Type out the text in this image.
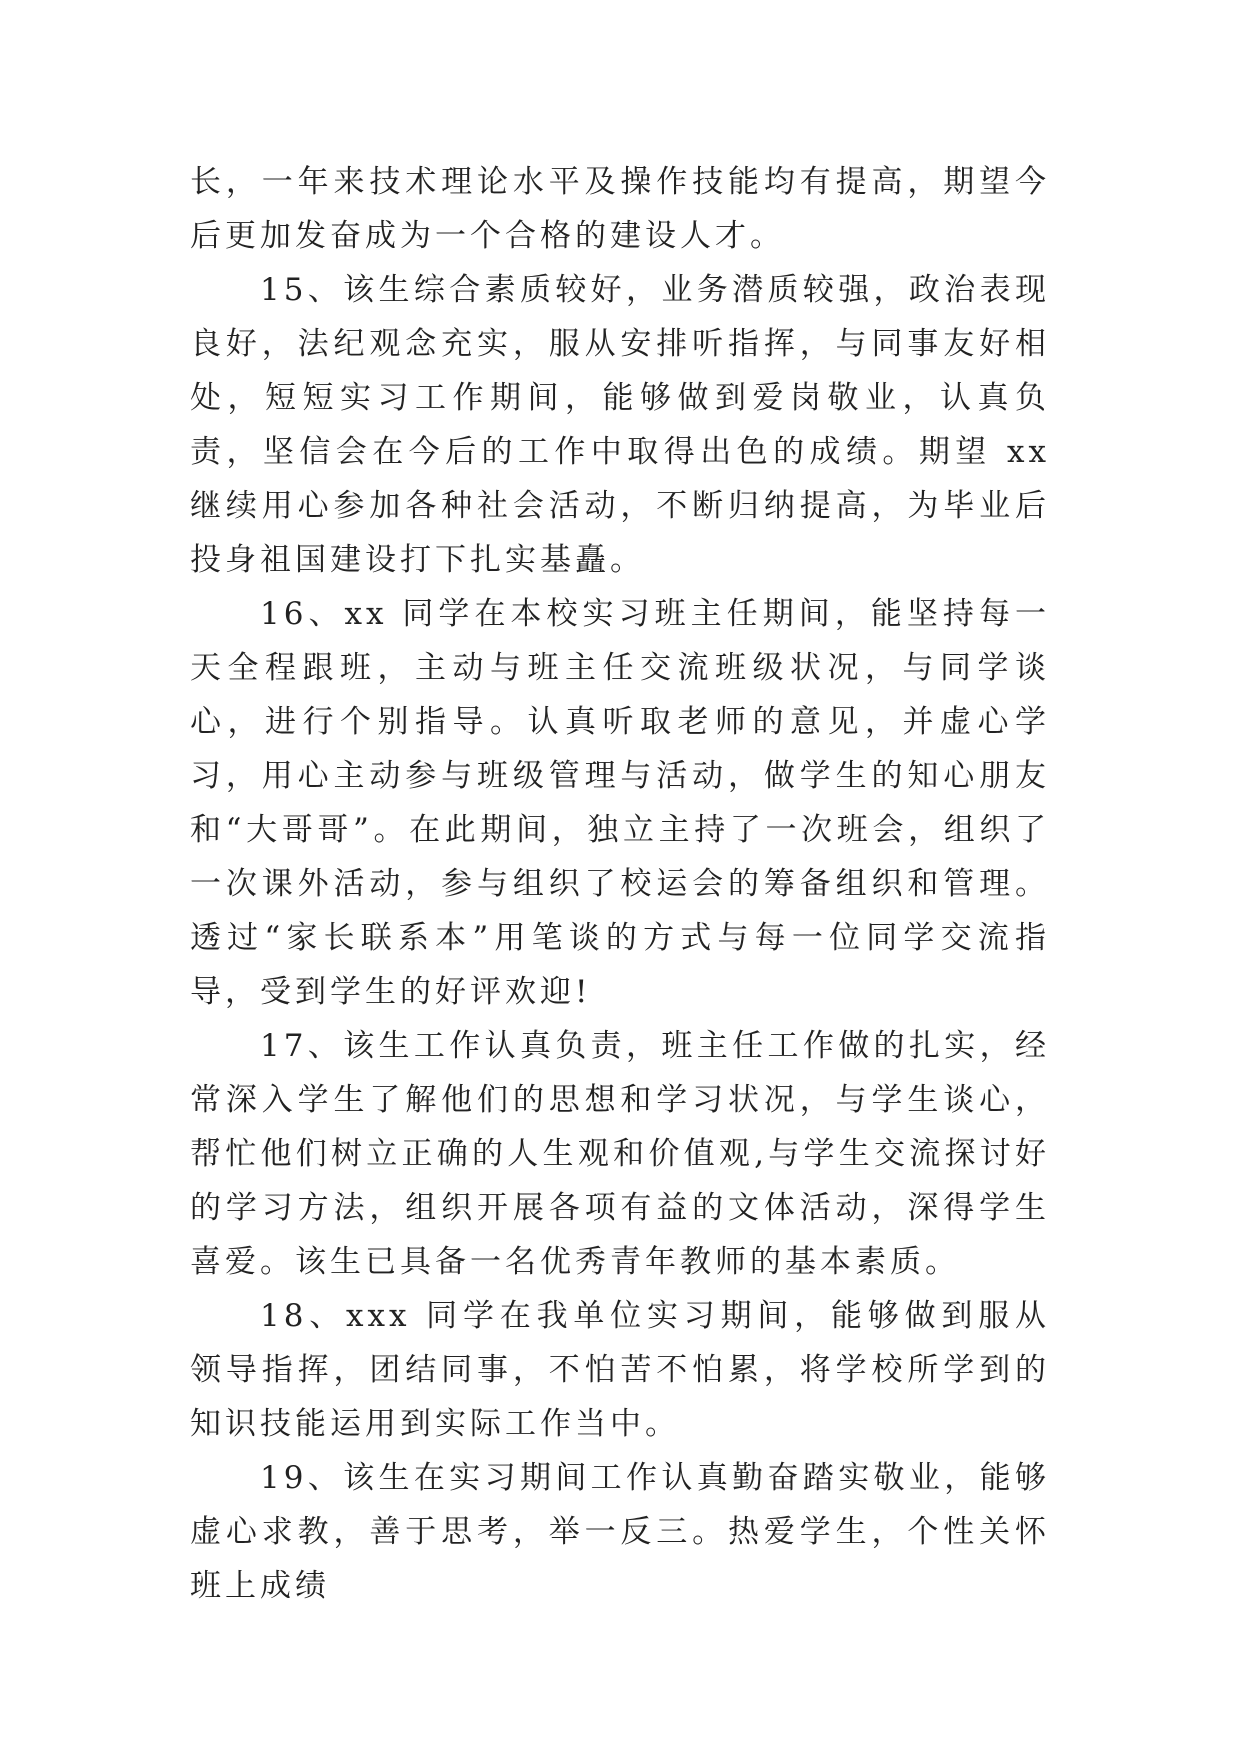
长，一年来技术理论水平及操作技能均有提高，期望今后更加发奋成为一个合格的建设人才。

15、该生综合素质较好，业务潜质较强，政治表现良好，法纪观念充实，服从安排听指挥，与同事友好相处，短短实习工作期间，能够做到爱岗敬业，认真负责，坚信会在今后的工作中取得出色的成绩。期望 xx 继续用心参加各种社会活动，不断归纳提高，为毕业后投身祖国建设打下扎实基矗。

16、xx 同学在本校实习班主任期间，能坚持每一天全程跟班，主动与班主任交流班级状况，与同学谈心，进行个别指导。认真听取老师的意见，并虚心学习，用心主动参与班级管理与活动，做学生的知心朋友和“大哥哥”。在此期间，独立主持了一次班会，组织了一次课外活动，参与组织了校运会的筹备组织和管理。透过“家长联系本”用笔谈的方式与每一位同学交流指导，受到学生的好评欢迎!

17、该生工作认真负责，班主任工作做的扎实，经常深入学生了解他们的思想和学习状况，与学生谈心，帮忙他们树立正确的人生观和价值观,与学生交流探讨好的学习方法，组织开展各项有益的文体活动，深得学生喜爱。该生已具备一名优秀青年教师的基本素质。

18、xxx 同学在我单位实习期间，能够做到服从领导指挥，团结同事，不怕苦不怕累，将学校所学到的知识技能运用到实际工作当中。

19、该生在实习期间工作认真勤奋踏实敬业，能够虚心求教，善于思考，举一反三。热爱学生，个性关怀班上成绩
